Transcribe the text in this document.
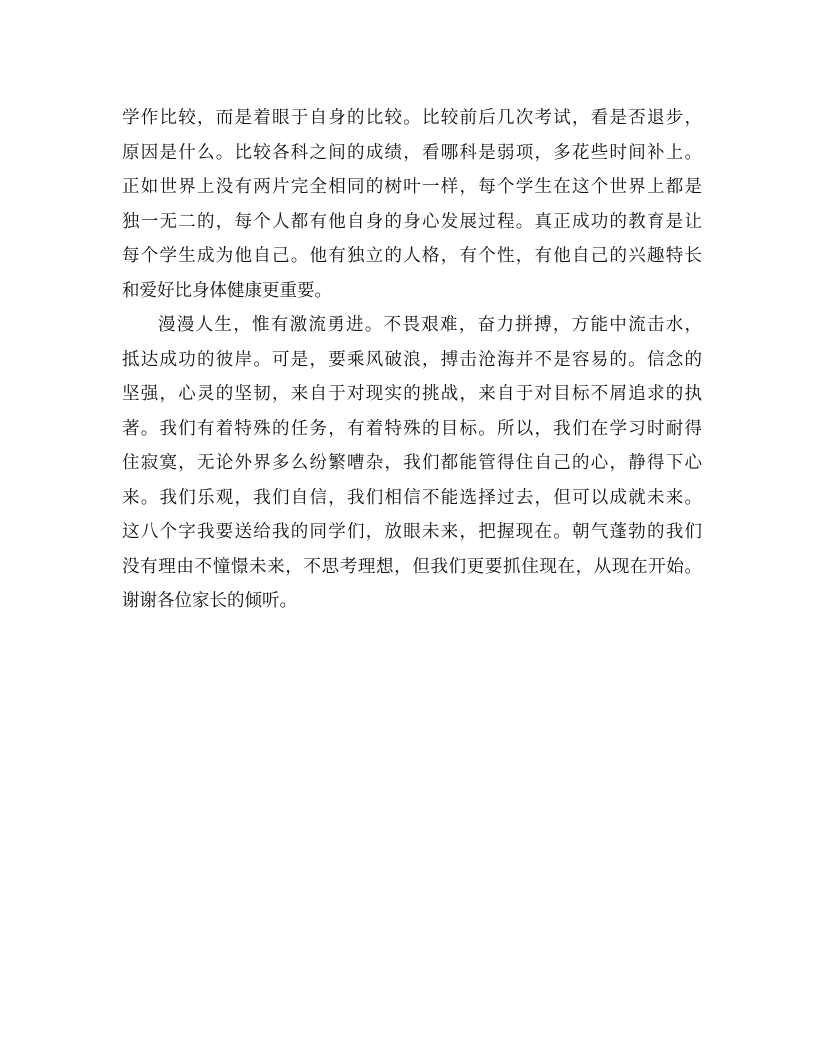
学作比较，而是着眼于自身的比较。比较前后几次考试，看是否退步，
原因是什么。比较各科之间的成绩，看哪科是弱项，多花些时间补上。
正如世界上没有两片完全相同的树叶一样，每个学生在这个世界上都是
独一无二的，每个人都有他自身的身心发展过程。真正成功的教育是让
每个学生成为他自己。他有独立的人格，有个性，有他自己的兴趣特长
和爱好比身体健康更重要。
漫漫人生，惟有激流勇进。不畏艰难，奋力拼搏，方能中流击水，
抵达成功的彼岸。可是，要乘风破浪，搏击沧海并不是容易的。信念的
坚强，心灵的坚韧，来自于对现实的挑战，来自于对目标不屑追求的执
著。我们有着特殊的任务，有着特殊的目标。所以，我们在学习时耐得
住寂寞，无论外界多么纷繁嘈杂，我们都能管得住自己的心，静得下心
来。我们乐观，我们自信，我们相信不能选择过去，但可以成就未来。
这八个字我要送给我的同学们，放眼未来，把握现在。朝气蓬勃的我们
没有理由不憧憬未来，不思考理想，但我们更要抓住现在，从现在开始。
谢谢各位家长的倾听。
